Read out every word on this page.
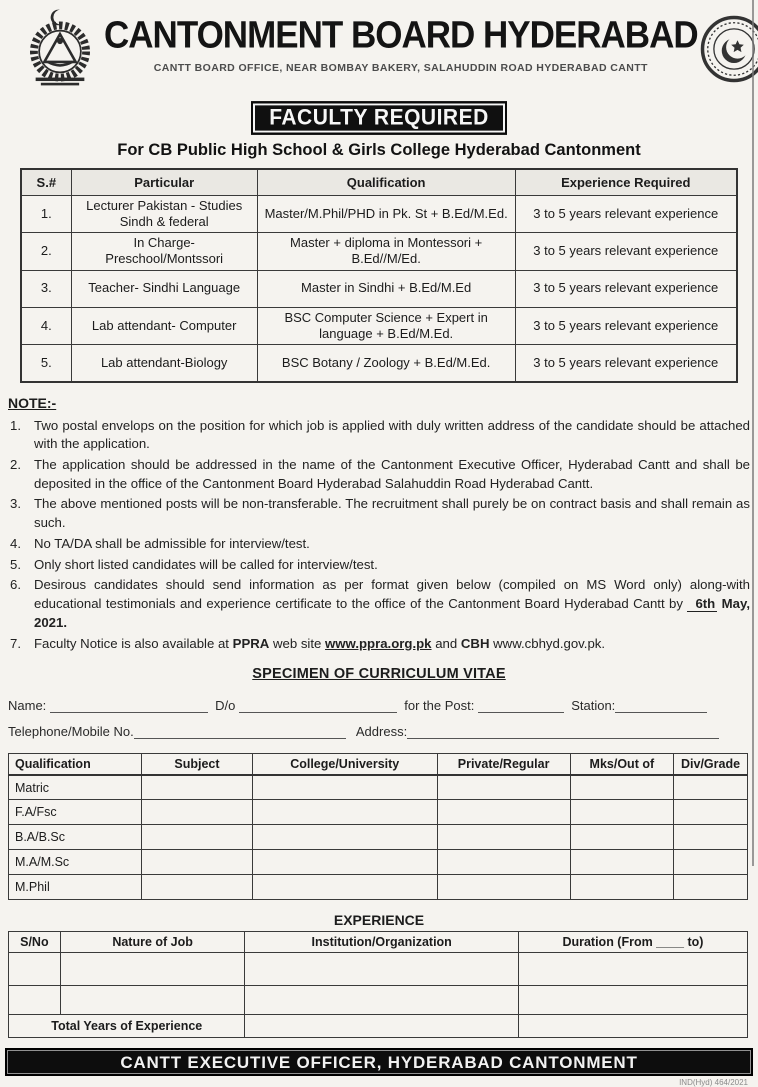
CANTONMENT BOARD HYDERABAD
CANTT BOARD OFFICE, NEAR BOMBAY BAKERY, SALAHUDDIN ROAD HYDERABAD CANTT
FACULTY REQUIRED
For CB Public High School & Girls College Hyderabad Cantonment
S.#	Particular	Qualification	Experience Required
1.	Lecturer Pakistan - Studies Sindh & federal	Master/M.Phil/PHD in Pk. St + B.Ed/M.Ed.	3 to 5 years relevant experience
2.	In Charge- Preschool/Montssori	Master + diploma in Montessori + B.Ed//M/Ed.	3 to 5 years relevant experience
3.	Teacher- Sindhi Language	Master in Sindhi + B.Ed/M.Ed	3 to 5 years relevant experience
4.	Lab attendant- Computer	BSC Computer Science + Expert in language + B.Ed/M.Ed.	3 to 5 years relevant experience
5.	Lab attendant-Biology	BSC Botany / Zoology + B.Ed/M.Ed.	3 to 5 years relevant experience
NOTE:-
1. Two postal envelops on the position for which job is applied with duly written address of the candidate should be attached with the application.
2. The application should be addressed in the name of the Cantonment Executive Officer, Hyderabad Cantt and shall be deposited in the office of the Cantonment Board Hyderabad Salahuddin Road Hyderabad Cantt.
3. The above mentioned posts will be non-transferable. The recruitment shall purely be on contract basis and shall remain as such.
4. No TA/DA shall be admissible for interview/test.
5. Only short listed candidates will be called for interview/test.
6. Desirous candidates should send information as per format given below (compiled on MS Word only) along-with educational testimonials and experience certificate to the office of the Cantonment Board Hyderabad Cantt by 6th May, 2021.
7. Faculty Notice is also available at PPRA web site www.ppra.org.pk and CBH www.cbhyd.gov.pk.
SPECIMEN OF CURRICULUM VITAE
Name:	D/o	for the Post:	Station:
Telephone/Mobile No.	Address:
Qualification	Subject	College/University	Private/Regular	Mks/Out of	Div/Grade
Matric					
F.A/Fsc					
B.A/B.Sc					
M.A/M.Sc					
M.Phil					
EXPERIENCE
S/No	Nature of Job	Institution/Organization	Duration (From ____ to)

Total Years of Experience			
CANTT EXECUTIVE OFFICER, HYDERABAD CANTONMENT
IND(Hyd) 464/2021
